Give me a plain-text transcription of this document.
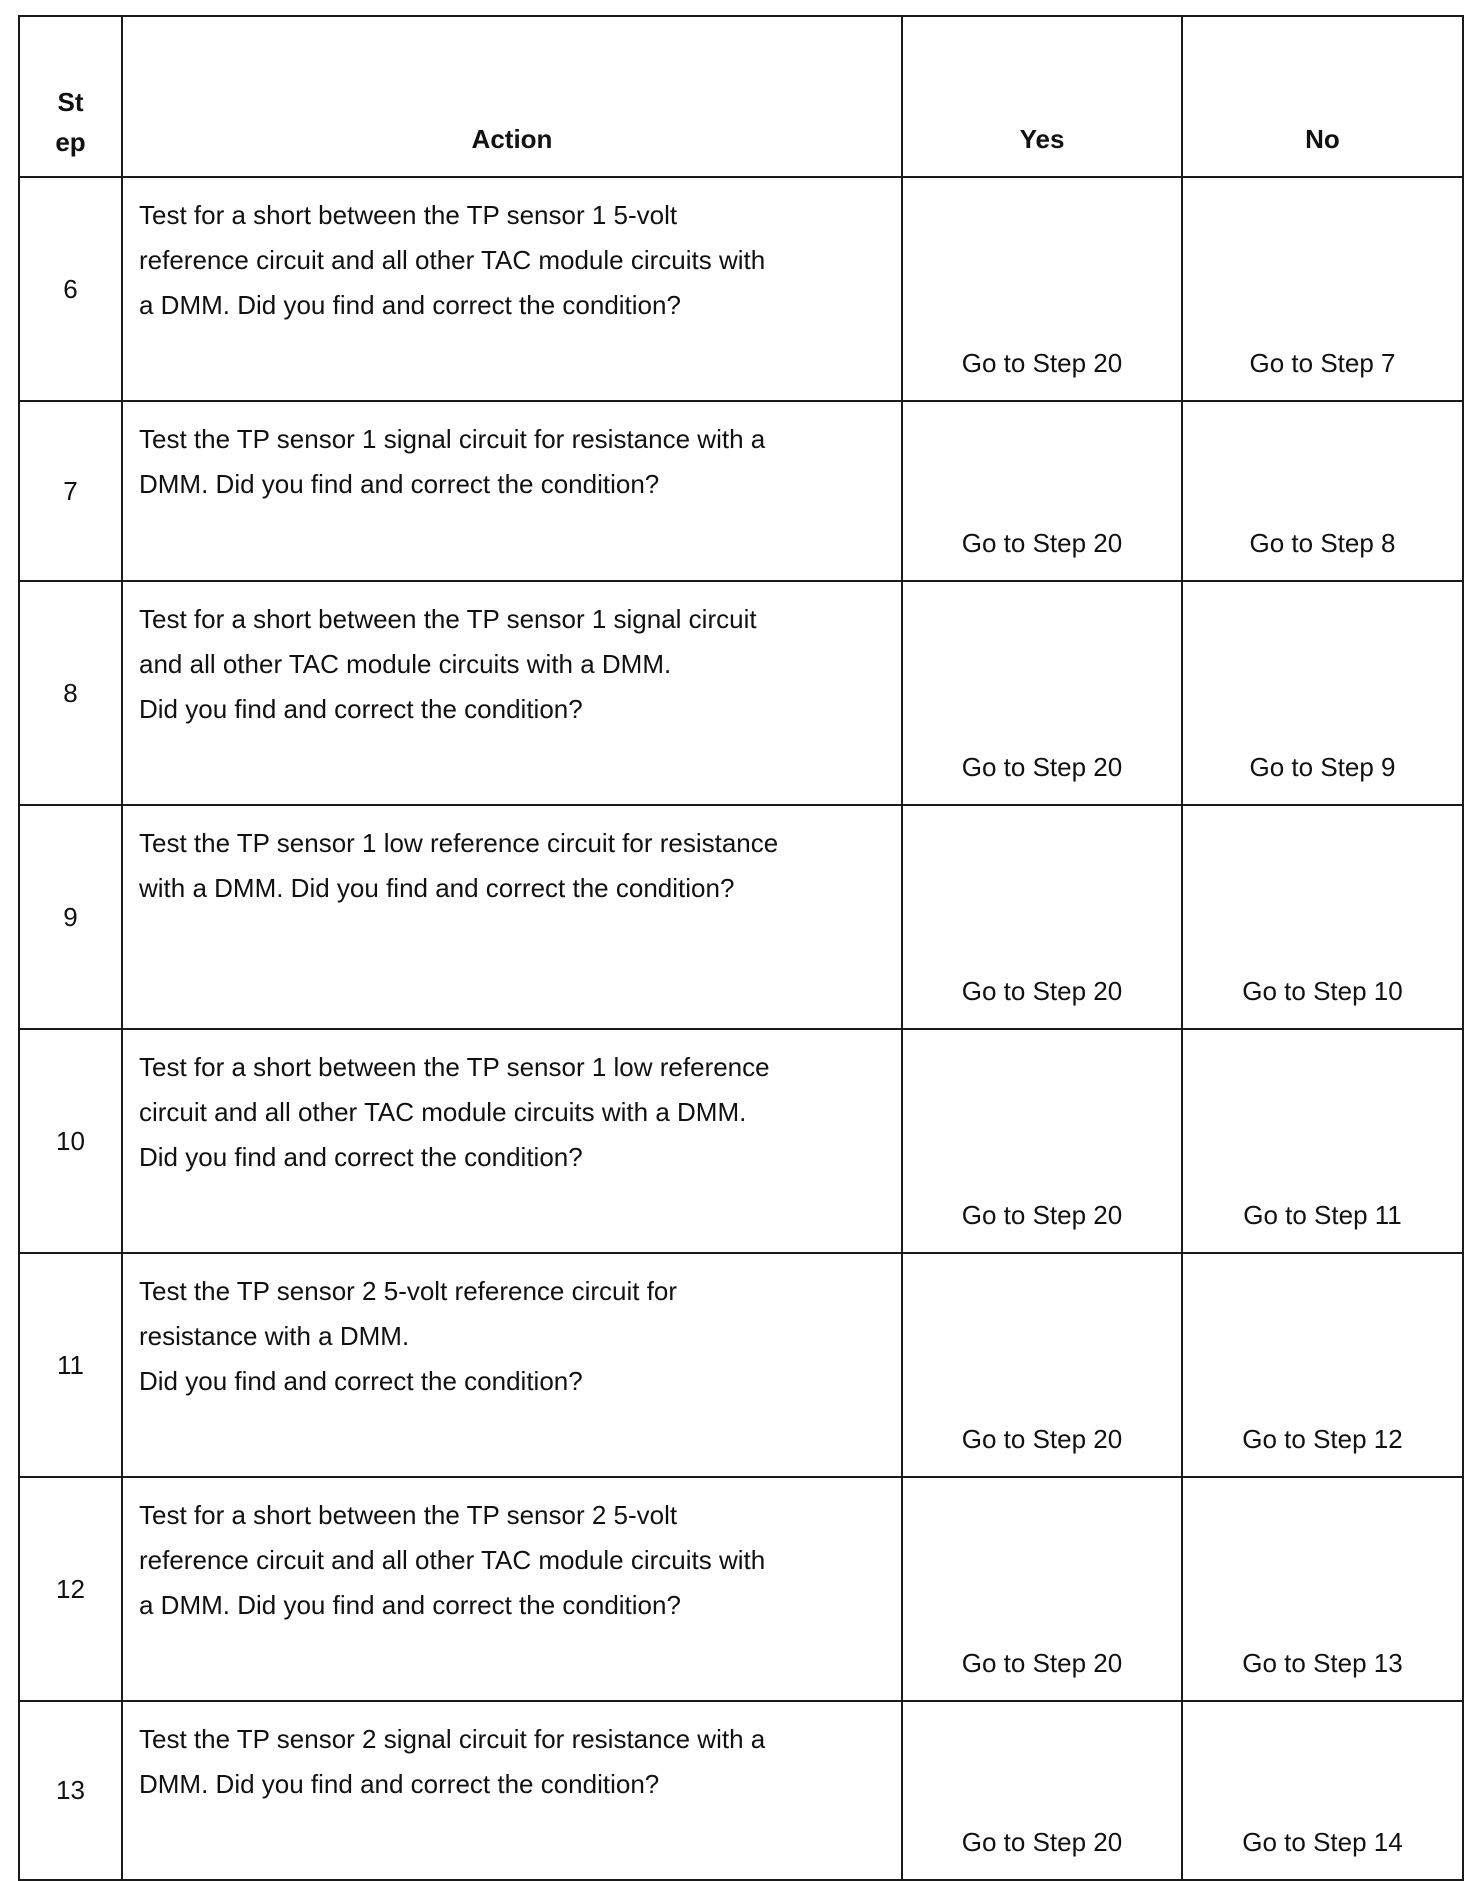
St
ep	Action	Yes	No
6	Test for a short between the TP sensor 1 5-volt
reference circuit and all other TAC module circuits with
a DMM. Did you find and correct the condition?	Go to Step 20	Go to Step 7
7	Test the TP sensor 1 signal circuit for resistance with a
DMM. Did you find and correct the condition?	Go to Step 20	Go to Step 8
8	Test for a short between the TP sensor 1 signal circuit
and all other TAC module circuits with a DMM.
Did you find and correct the condition?	Go to Step 20	Go to Step 9
9	Test the TP sensor 1 low reference circuit for resistance
with a DMM. Did you find and correct the condition?	Go to Step 20	Go to Step 10
10	Test for a short between the TP sensor 1 low reference
circuit and all other TAC module circuits with a DMM.
Did you find and correct the condition?	Go to Step 20	Go to Step 11
11	Test the TP sensor 2 5-volt reference circuit for
resistance with a DMM.
Did you find and correct the condition?	Go to Step 20	Go to Step 12
12	Test for a short between the TP sensor 2 5-volt
reference circuit and all other TAC module circuits with
a DMM. Did you find and correct the condition?	Go to Step 20	Go to Step 13
13	Test the TP sensor 2 signal circuit for resistance with a
DMM. Did you find and correct the condition?	Go to Step 20	Go to Step 14
